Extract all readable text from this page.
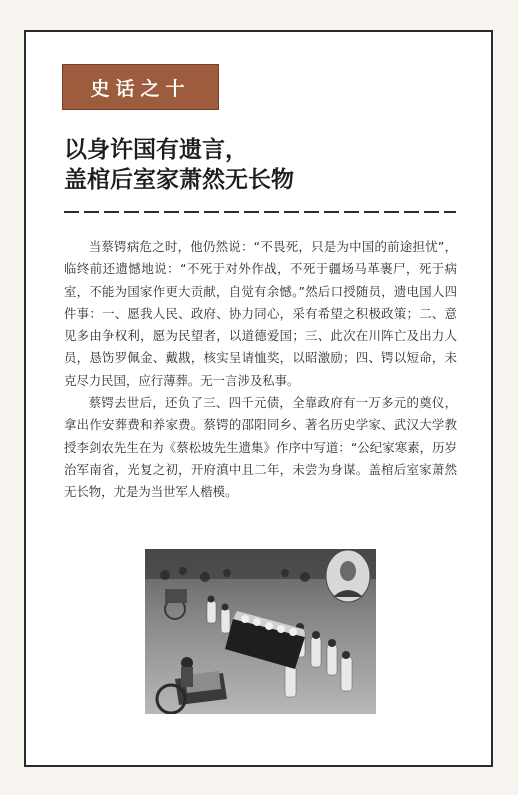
史话之十
以身许国有遗言，
盖棺后室家萧然无长物

当蔡锷病危之时，他仍然说：“不畏死，只是为中国的前途担忧”，临终前还遗憾地说：“不死于对外作战，不死于疆场马革裹尸，死于病室，不能为国家作更大贡献，自觉有余憾。”然后口授随员，遗电国人四件事：一、愿我人民、政府、协力同心，采有希望之积极政策；二、意见多由争权利，愿为民望者，以道德爱国；三、此次在川阵亡及出力人员，恳饬罗佩金、戴戡，核实呈请恤奖，以昭激励；四、锷以短命，未克尽力民国，应行薄葬。无一言涉及私事。

蔡锷去世后，还负了三、四千元债，全靠政府有一万多元的奠仪，拿出作安葬费和养家费。蔡锷的邵阳同乡、著名历史学家、武汉大学教授李剑农先生在为《蔡松坡先生遗集》作序中写道：“公纪家寒素，历岁治军南省，光复之初，开府滇中且二年，未尝为身谋。盖棺后室家萧然无长物，尤是为当世军人楷模。
